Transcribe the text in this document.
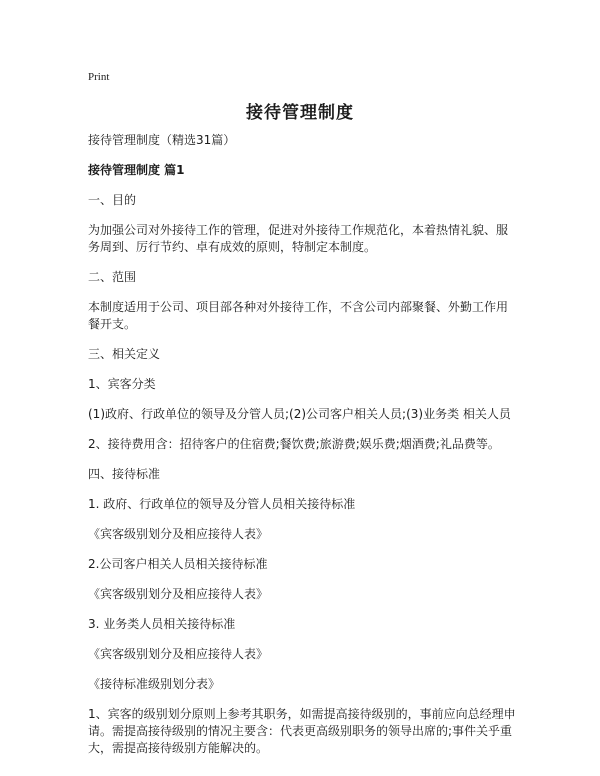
Print
接待管理制度

接待管理制度（精选31篇）

接待管理制度 篇1

一、目的

为加强公司对外接待工作的管理，促进对外接待工作规范化，本着热情礼貌、服务周到、厉行节约、卓有成效的原则，特制定本制度。

二、范围

本制度适用于公司、项目部各种对外接待工作，不含公司内部聚餐、外勤工作用餐开支。

三、相关定义

1、宾客分类

(1)政府、行政单位的领导及分管人员;(2)公司客户相关人员;(3)业务类 相关人员

2、接待费用含：招待客户的住宿费;餐饮费;旅游费;娱乐费;烟酒费;礼品费等。

四、接待标准

1. 政府、行政单位的领导及分管人员相关接待标准

《宾客级别划分及相应接待人表》

2.公司客户相关人员相关接待标准

《宾客级别划分及相应接待人表》

3. 业务类人员相关接待标准

《宾客级别划分及相应接待人表》

《接待标准级别划分表》

1、宾客的级别划分原则上参考其职务，如需提高接待级别的，事前应向总经理申请。需提高接待级别的情况主要含：代表更高级别职务的领导出席的;事件关乎重大，需提高接待级别方能解决的。
